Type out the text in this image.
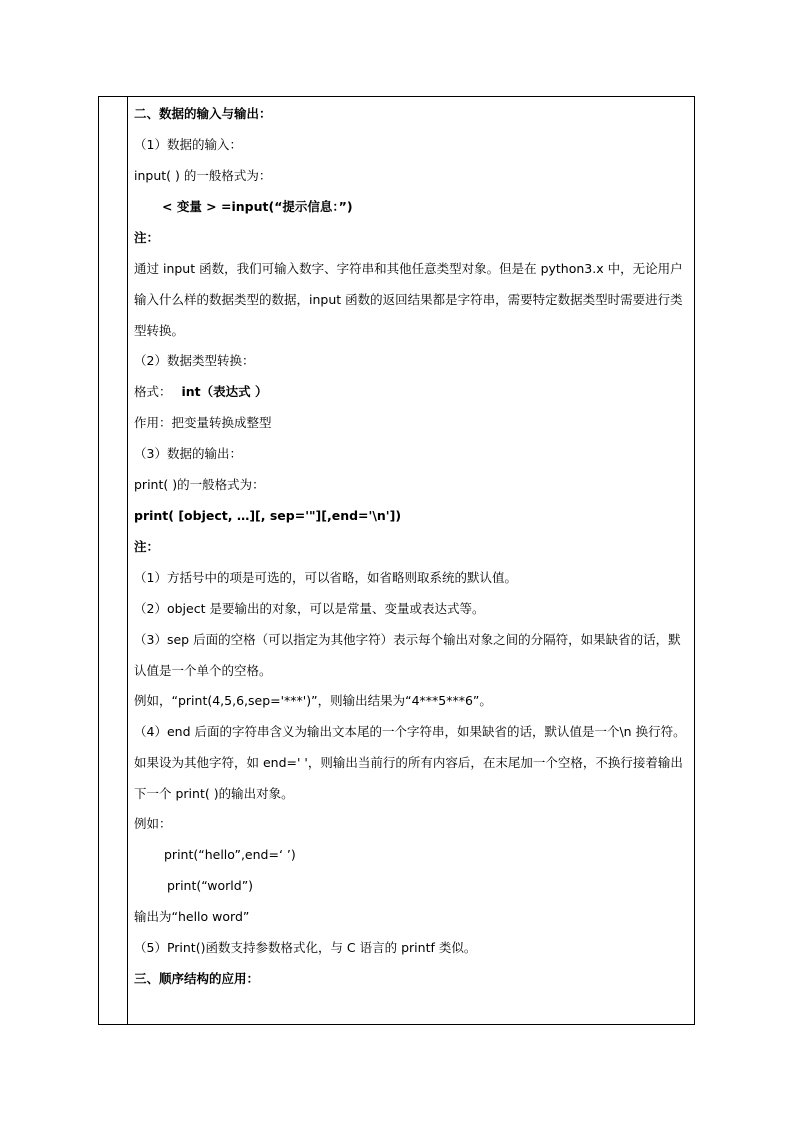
二、数据的输入与输出：
（1）数据的输入：
input( ) 的一般格式为：
< 变量 > =input(“提示信息：”)
注：
通过 input 函数，我们可输入数字、字符串和其他任意类型对象。但是在 python3.x 中，无论用户输入什么样的数据类型的数据，input 函数的返回结果都是字符串，需要特定数据类型时需要进行类型转换。
（2）数据类型转换：
格式： int（表达式 ）
作用：把变量转换成整型
（3）数据的输出：
print( )的一般格式为：
print( [object, …][, sep='"][,end='\n'])
注：
（1）方括号中的项是可选的，可以省略，如省略则取系统的默认值。
（2）object 是要输出的对象，可以是常量、变量或表达式等。
（3）sep 后面的空格（可以指定为其他字符）表示每个输出对象之间的分隔符，如果缺省的话，默认值是一个单个的空格。
例如，“print(4,5,6,sep='***')”，则输出结果为“4***5***6”。
（4）end 后面的字符串含义为输出文本尾的一个字符串，如果缺省的话，默认值是一个\n 换行符。如果设为其他字符，如 end=' '，则输出当前行的所有内容后，在末尾加一个空格，不换行接着输出下一个 print( )的输出对象。
例如：
print(“hello”,end=‘ ’)
print(“world”)
输出为“hello word”
（5）Print()函数支持参数格式化，与 C 语言的 printf 类似。
三、顺序结构的应用：
